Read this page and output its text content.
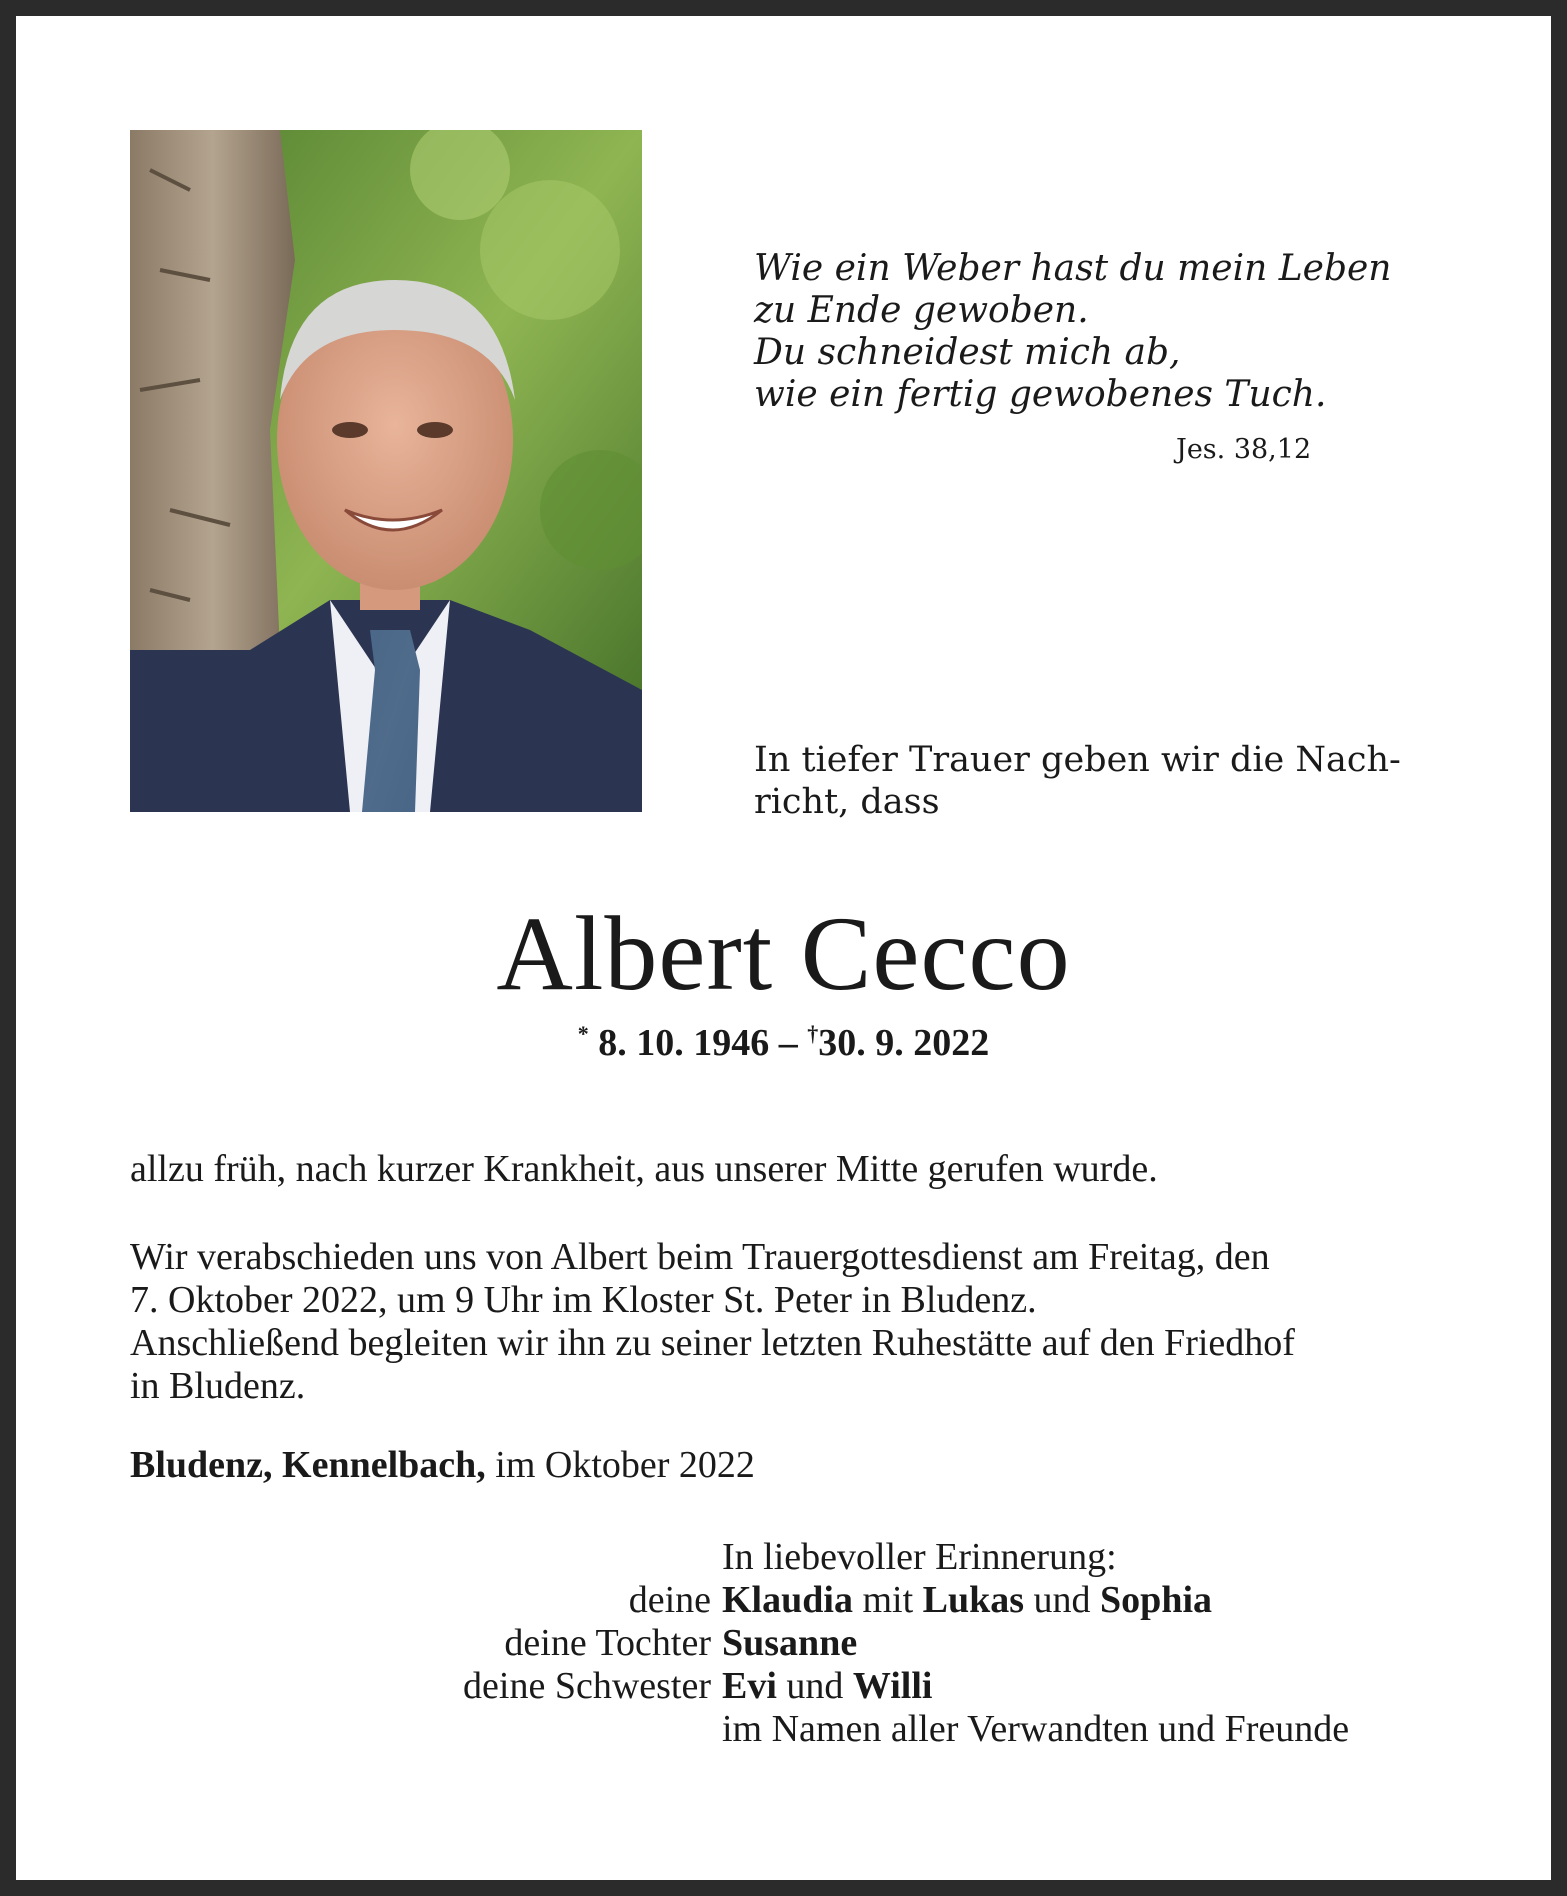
Wie ein Weber hast du mein Leben
zu Ende gewoben.
Du schneidest mich ab,
wie ein fertig gewobenes Tuch.
Jes. 38,12
In tiefer Trauer geben wir die Nach-
richt, dass
Albert Cecco
* 8. 10. 1946 – †30. 9. 2022
allzu früh, nach kurzer Krankheit, aus unserer Mitte gerufen wurde.
Wir verabschieden uns von Albert beim Trauergottesdienst am Freitag, den
7. Oktober 2022, um 9 Uhr im Kloster St. Peter in Bludenz.
Anschließend begleiten wir ihn zu seiner letzten Ruhestätte auf den Friedhof
in Bludenz.
Bludenz, Kennelbach, im Oktober 2022
In liebevoller Erinnerung:
deine Klaudia mit Lukas und Sophia
deine Tochter Susanne
deine Schwester Evi und Willi
im Namen aller Verwandten und Freunde
